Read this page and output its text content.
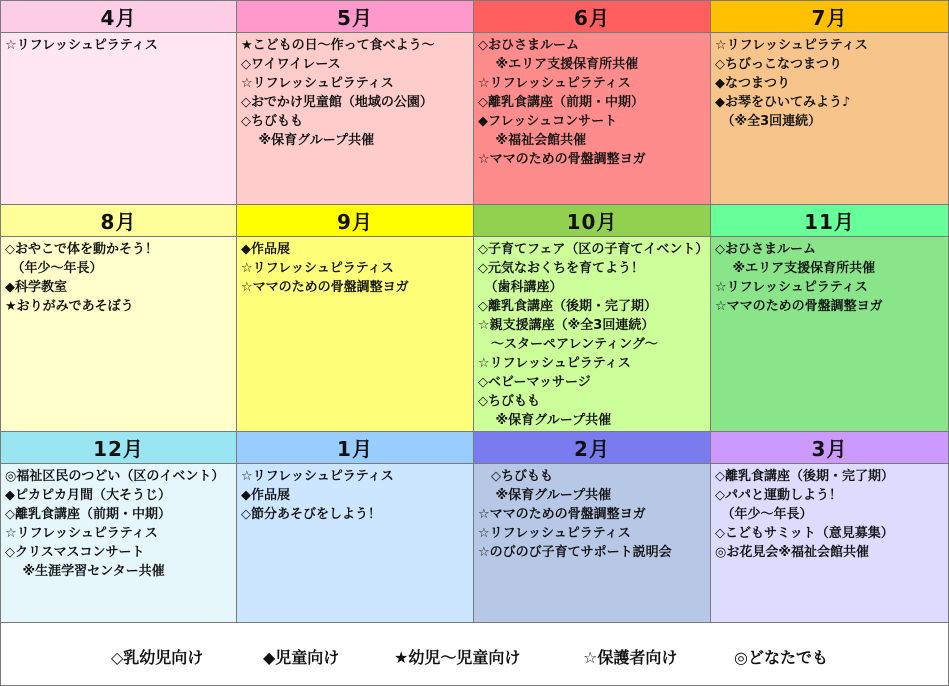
4月
☆リフレッシュピラティス
5月
★こどもの日～作って食べよう～
◇ワイワイレース
☆リフレッシュピラティス
◇おでかけ児童館（地域の公園）
◇ちびもも
　 ※保育グループ共催
6月
◇おひさまルーム
　 ※エリア支援保育所共催
☆リフレッシュピラティス
◇離乳食講座（前期・中期）
◆フレッシュコンサート
　 ※福祉会館共催
☆ママのための骨盤調整ヨガ
7月
☆リフレッシュピラティス
◇ちびっこなつまつり
◆なつまつり
◆お琴をひいてみよう♪
　（※全3回連続）
8月
◇おやこで体を動かそう！
　（年少～年長）
◆科学教室
★おりがみであそぼう
9月
◆作品展
☆リフレッシュピラティス
☆ママのための骨盤調整ヨガ
10月
◇子育てフェア（区の子育てイベント）
◇元気なおくちを育てよう！
　（歯科講座）
◇離乳食講座（後期・完了期）
☆親支援講座（※全3回連続）
　～スターペアレンティング～
☆リフレッシュピラティス
◇ベビーマッサージ
◇ちびもも
　 ※保育グループ共催
11月
◇おひさまルーム
　 ※エリア支援保育所共催
☆リフレッシュピラティス
☆ママのための骨盤調整ヨガ
12月
◎福祉区民のつどい（区のイベント）
◆ピカピカ月間（大そうじ）
◇離乳食講座（前期・中期）
☆リフレッシュピラティス
◇クリスマスコンサート
　 ※生涯学習センター共催
1月
☆リフレッシュピラティス
◆作品展
◇節分あそびをしよう！
2月
　◇ちびもも
　 ※保育グループ共催
☆ママのための骨盤調整ヨガ
☆リフレッシュピラティス
☆のびのび子育てサポート説明会
3月
◇離乳食講座（後期・完了期）
◇パパと運動しよう！
　（年少～年長）
◇こどもサミット（意見募集）
◎お花見会※福祉会館共催
◇乳幼児向け	◆児童向け	★幼児～児童向け	☆保護者向け	◎どなたでも
